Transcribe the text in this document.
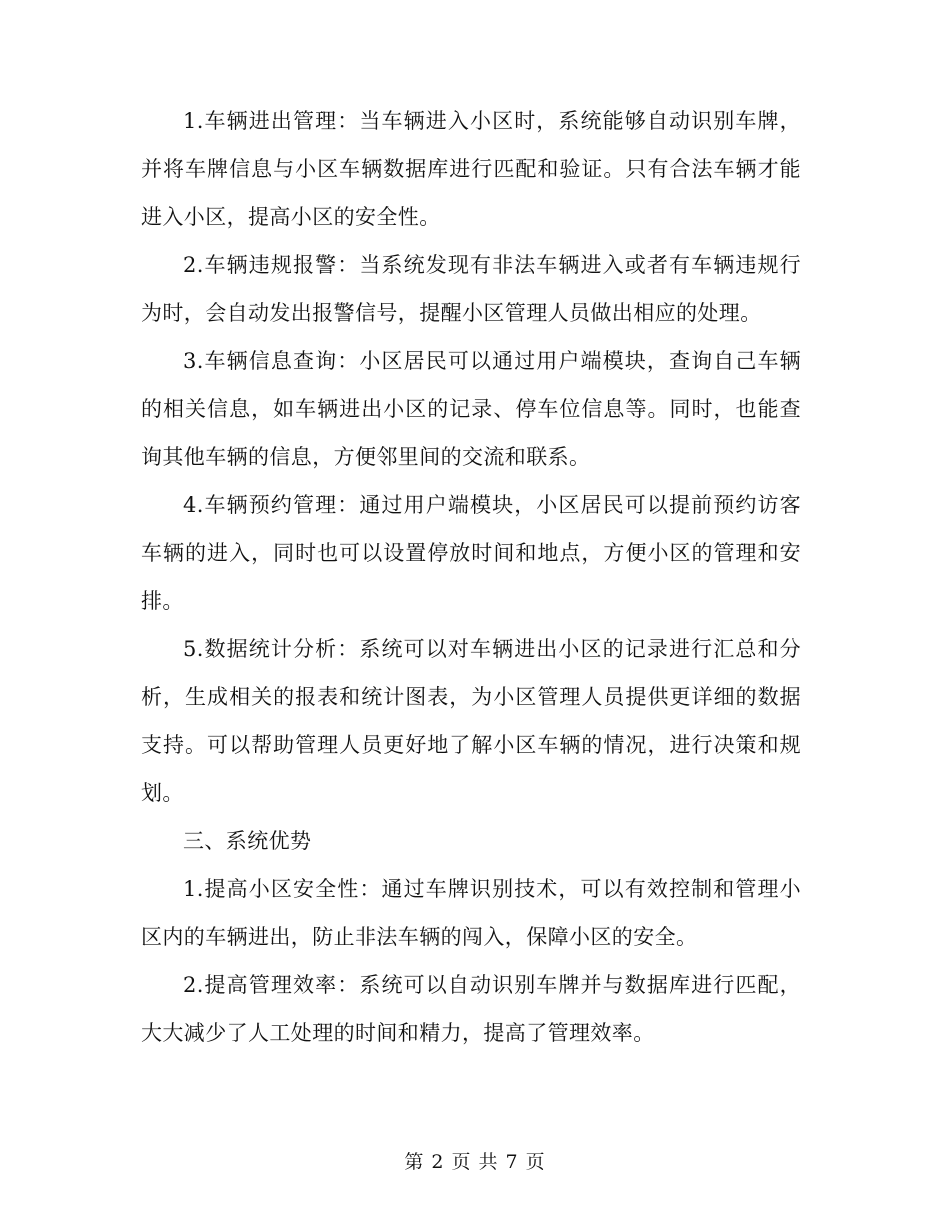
1.车辆进出管理：当车辆进入小区时，系统能够自动识别车牌，并将车牌信息与小区车辆数据库进行匹配和验证。只有合法车辆才能进入小区，提高小区的安全性。

2.车辆违规报警：当系统发现有非法车辆进入或者有车辆违规行为时，会自动发出报警信号，提醒小区管理人员做出相应的处理。

3.车辆信息查询：小区居民可以通过用户端模块，查询自己车辆的相关信息，如车辆进出小区的记录、停车位信息等。同时，也能查询其他车辆的信息，方便邻里间的交流和联系。

4.车辆预约管理：通过用户端模块，小区居民可以提前预约访客车辆的进入，同时也可以设置停放时间和地点，方便小区的管理和安排。

5.数据统计分析：系统可以对车辆进出小区的记录进行汇总和分析，生成相关的报表和统计图表，为小区管理人员提供更详细的数据支持。可以帮助管理人员更好地了解小区车辆的情况，进行决策和规划。

三、系统优势

1.提高小区安全性：通过车牌识别技术，可以有效控制和管理小区内的车辆进出，防止非法车辆的闯入，保障小区的安全。

2.提高管理效率：系统可以自动识别车牌并与数据库进行匹配，大大减少了人工处理的时间和精力，提高了管理效率。

第 2 页 共 7 页
